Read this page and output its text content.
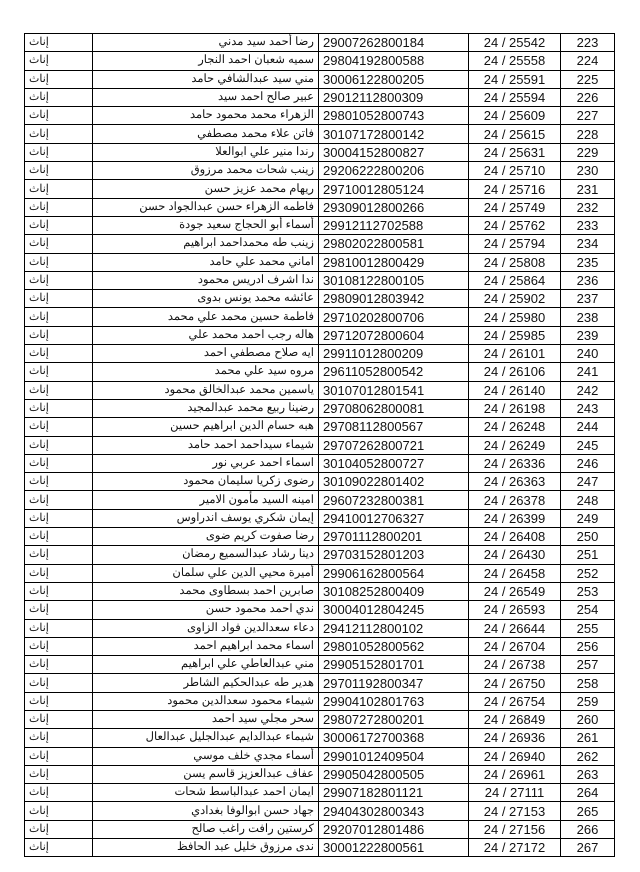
إناث	رضا أحمد سيد مدني	29007262800184	24 / 25542	223
إناث	سميه شعبان احمد النجار	29804192800588	24 / 25558	224
إناث	مني سيد عبدالشافي حامد	30006122800205	24 / 25591	225
إناث	عبير صالح احمد سيد	29012112800309	24 / 25594	226
إناث	الزهراء محمد محمود حامد	29801052800743	24 / 25609	227
إناث	فاتن علاء محمد مصطفي	30107172800142	24 / 25615	228
إناث	رندا منير علي ابوالعلا	30004152800827	24 / 25631	229
إناث	زينب شحات محمد مرزوق	29206222800206	24 / 25710	230
إناث	ريهام محمد عزيز حسن	29710012805124	24 / 25716	231
إناث	فاطمه الزهراء حسن عبدالجواد حسن	29309012800266	24 / 25749	232
إناث	أسماء أبو الحجاج سعيد جودة	29912112702588	24 / 25762	233
إناث	زينب طه محمداحمد ابراهيم	29802022800581	24 / 25794	234
إناث	اماني محمد علي حامد	29810012800429	24 / 25808	235
إناث	ندا اشرف ادريس محمود	30108122800105	24 / 25864	236
إناث	عائشه محمد يونس بدوى	29809012803942	24 / 25902	237
إناث	فاطمة حسين محمد علي محمد	29710202800706	24 / 25980	238
إناث	هاله رجب احمد محمد علي	29712072800604	24 / 25985	239
إناث	ايه صلاح مصطفي احمد	29911012800209	24 / 26101	240
إناث	مروه سيد علي محمد	29611052800542	24 / 26106	241
إناث	ياسمين محمد عبدالخالق محمود	30107012801541	24 / 26140	242
إناث	رضينا ربيع محمد عبدالمجيد	29708062800081	24 / 26198	243
إناث	هبه حسام الدين ابراهيم حسين	29708112800567	24 / 26248	244
إناث	شيماء سيداحمد احمد حامد	29707262800721	24 / 26249	245
إناث	اسماء احمد عربي نور	30104052800727	24 / 26336	246
إناث	رضوى زكريا سليمان محمود	30109022801402	24 / 26363	247
إناث	امينه السيد مأمون الامير	29607232800381	24 / 26378	248
إناث	إيمان شكري يوسف اندراوس	29410012706327	24 / 26399	249
إناث	رضا صفوت كريم ضوى	29701112800201	24 / 26408	250
إناث	دينا رشاد عبدالسميع رمضان	29703152801203	24 / 26430	251
إناث	أميرة محيي الدين علي سلمان	29906162800564	24 / 26458	252
إناث	صابرين احمد بسطاوى محمد	30108252800409	24 / 26549	253
إناث	ندي احمد محمود حسن	30004012804245	24 / 26593	254
إناث	دعاء سعدالدين فواد الزاوى	29412112800102	24 / 26644	255
إناث	اسماء محمد ابراهيم احمد	29801052800562	24 / 26704	256
إناث	مني عبدالعاطي علي ابراهيم	29905152801701	24 / 26738	257
إناث	هدير طه عبدالحكيم الشاطر	29701192800347	24 / 26750	258
إناث	شيماء محمود سعدالدين محمود	29904102801763	24 / 26754	259
إناث	سحر مجلي سيد احمد	29807272800201	24 / 26849	260
إناث	شيماء عبدالدايم عبدالجليل عبدالعال	30006172700368	24 / 26936	261
إناث	أسماء مجدي خلف موسي	29901012409504	24 / 26940	262
إناث	عفاف عبدالعزيز قاسم يسن	29905042800505	24 / 26961	263
إناث	ايمان احمد عبدالباسط شحات	29907182801121	24 / 27111	264
إناث	جهاد حسن ابوالوفا بغدادي	29404302800343	24 / 27153	265
إناث	كرستين رافت راغب صالح	29207012801486	24 / 27156	266
إناث	ندى مرزوق خليل عبد الحافظ	30001222800561	24 / 27172	267
